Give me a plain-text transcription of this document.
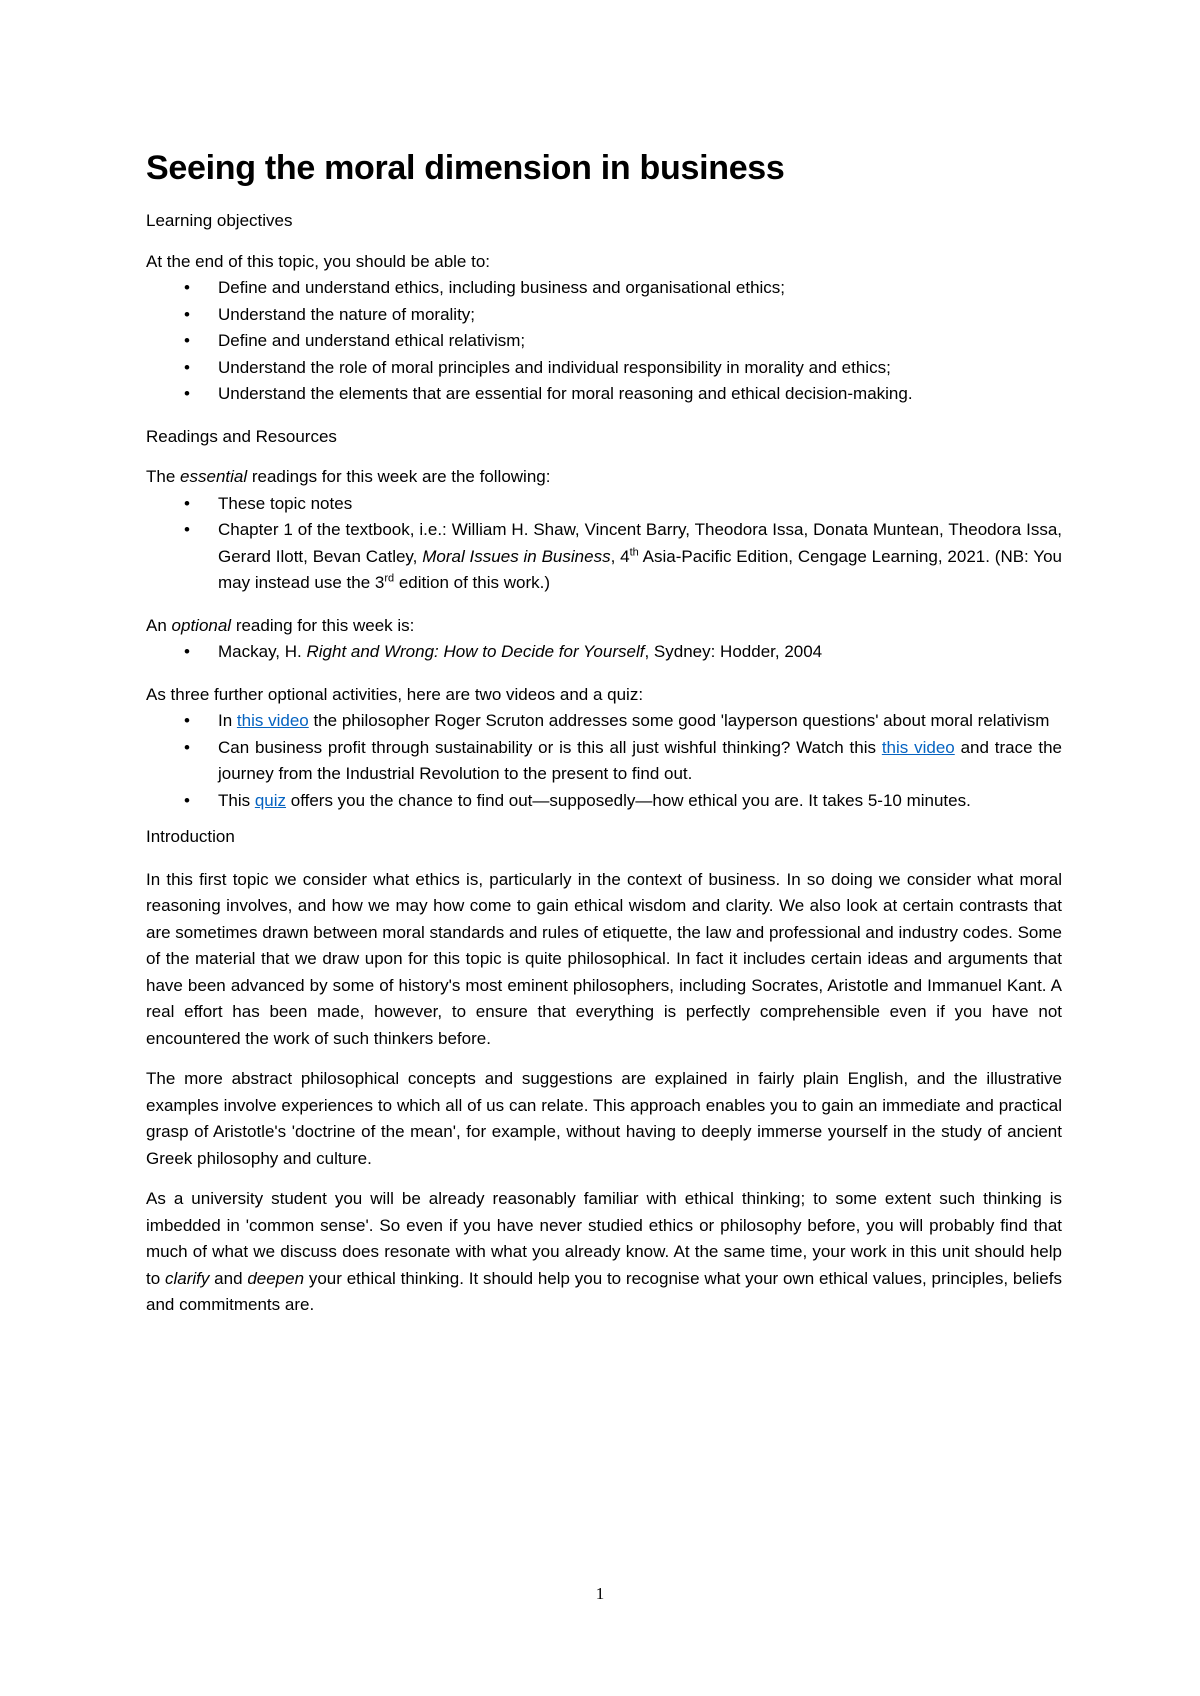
Seeing the moral dimension in business

Learning objectives

At the end of this topic, you should be able to:

• Define and understand ethics, including business and organisational ethics;
• Understand the nature of morality;
• Define and understand ethical relativism;
• Understand the role of moral principles and individual responsibility in morality and ethics;
• Understand the elements that are essential for moral reasoning and ethical decision-making.

Readings and Resources

The essential readings for this week are the following:

• These topic notes
• Chapter 1 of the textbook, i.e.: William H. Shaw, Vincent Barry, Theodora Issa, Donata Muntean, Theodora Issa, Gerard Ilott, Bevan Catley, Moral Issues in Business, 4th Asia-Pacific Edition, Cengage Learning, 2021. (NB: You may instead use the 3rd edition of this work.)

An optional reading for this week is:

• Mackay, H. Right and Wrong: How to Decide for Yourself, Sydney: Hodder, 2004

As three further optional activities, here are two videos and a quiz:

• In this video the philosopher Roger Scruton addresses some good 'layperson questions' about moral relativism
• Can business profit through sustainability or is this all just wishful thinking? Watch this this video and trace the journey from the Industrial Revolution to the present to find out.
• This quiz offers you the chance to find out—supposedly—how ethical you are. It takes 5-10 minutes.

Introduction

In this first topic we consider what ethics is, particularly in the context of business. In so doing we consider what moral reasoning involves, and how we may how come to gain ethical wisdom and clarity. We also look at certain contrasts that are sometimes drawn between moral standards and rules of etiquette, the law and professional and industry codes. Some of the material that we draw upon for this topic is quite philosophical. In fact it includes certain ideas and arguments that have been advanced by some of history's most eminent philosophers, including Socrates, Aristotle and Immanuel Kant. A real effort has been made, however, to ensure that everything is perfectly comprehensible even if you have not encountered the work of such thinkers before.

The more abstract philosophical concepts and suggestions are explained in fairly plain English, and the illustrative examples involve experiences to which all of us can relate. This approach enables you to gain an immediate and practical grasp of Aristotle's 'doctrine of the mean', for example, without having to deeply immerse yourself in the study of ancient Greek philosophy and culture.

As a university student you will be already reasonably familiar with ethical thinking; to some extent such thinking is imbedded in 'common sense'. So even if you have never studied ethics or philosophy before, you will probably find that much of what we discuss does resonate with what you already know. At the same time, your work in this unit should help to clarify and deepen your ethical thinking. It should help you to recognise what your own ethical values, principles, beliefs and commitments are.

1
